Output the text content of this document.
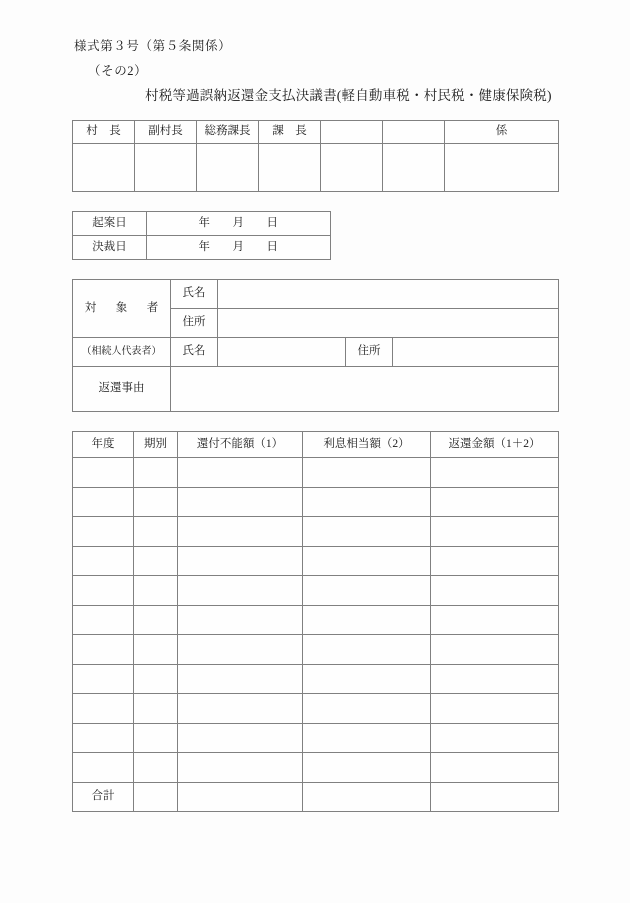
様式第３号（第５条関係）
（その2）
村税等過誤納返還金支払決議書(軽自動車税・村民税・健康保険税)
村　長	副村長	総務課長	課　長			係

起案日	年 月 日
決裁日	年 月 日
対　象　者	氏名			
	住所			
（相続人代表者）	氏名		住所	
返還事由				
年度	期別	還付不能額（1）	利息相当額（2）	返還金額（1＋2）

合計				
